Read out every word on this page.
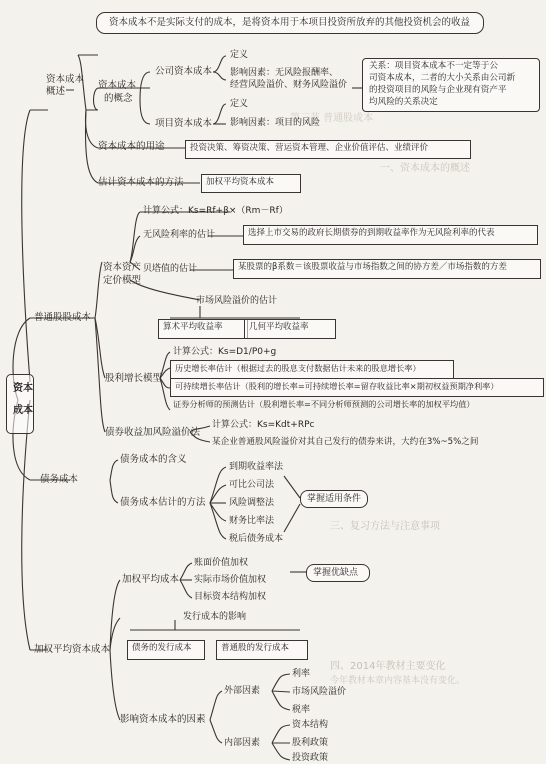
一、资本成本的概述
第三节 普通股成本
三、复习方法与注意事项
四、2014年教材主要变化
今年教材本章内容基本没有变化。
资本成本不是实际支付的成本，是将资本用于本项目投资所放弃的其他投资机会的收益
资本
成本
资本成本
概述
资本成本
的概念
公司资本成本
定义
影响因素：无风险报酬率、
经营风险溢价、财务风险溢价
项目资本成本
定义
影响因素：项目的风险
关系：项目资本成本不一定等于公
司资本成本，二者的大小关系由公司新
的投资项目的风险与企业现有资产平
均风险的关系决定
资本成本的用途	投资决策、筹资决策、营运资本管理、企业价值评估、业绩评价
估计资本成本的方法	加权平均资本成本
普通股股成本
资本资产
定价模型
计算公式：Ks=Rf+β×（Rm－Rf）
无风险利率的估计	选择上市交易的政府长期债券的到期收益率作为无风险利率的代表
贝塔值的估计	某股票的β系数＝该股票收益与市场指数之间的协方差／市场指数的方差
市场风险溢价的估计
算术平均收益率	几何平均收益率
股利增长模型
计算公式：Ks=D1/P0+g
历史增长率估计（根据过去的股息支付数据估计未来的股息增长率）
可持续增长率估计（股利的增长率=可持续增长率=留存收益比率×期初权益预期净利率）
证券分析师的预测估计（股利增长率=不同分析师预测的公司增长率的加权平均值）
债券收益加风险溢价法
计算公式：Ks=Kdt+RPc
某企业普通股风险溢价对其自己发行的债券来讲，大约在3%~5%之间
债务成本
债务成本的含义
债务成本估计的方法
到期收益率法
可比公司法
风险调整法
财务比率法
税后债务成本
掌握适用条件
加权平均资本成本
加权平均成本
账面价值加权
实际市场价值加权
目标资本结构加权
掌握优缺点
发行成本的影响
债务的发行成本	普通股的发行成本
影响资本成本的因素
外部因素
利率
市场风险溢价
税率
内部因素
资本结构
股利政策
投资政策
